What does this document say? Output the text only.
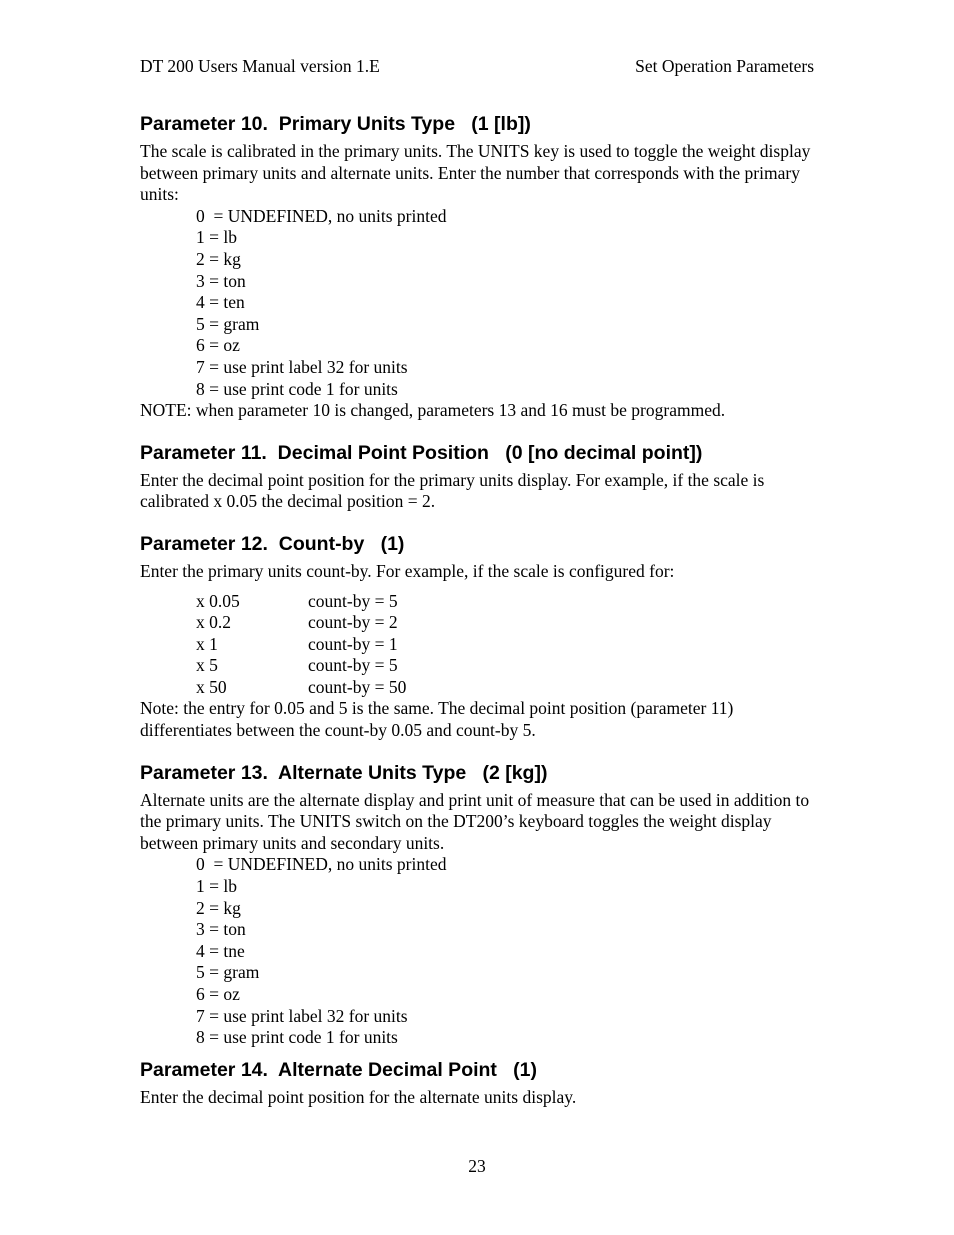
DT 200 Users Manual version 1.E	Set Operation Parameters
Parameter 10.  Primary Units Type   (1 [lb])

The scale is calibrated in the primary units. The UNITS key is used to toggle the weight display between primary units and alternate units. Enter the number that corresponds with the primary units:

0  = UNDEFINED, no units printed
1 = lb
2 = kg
3 = ton
4 = ten
5 = gram
6 = oz
7 = use print label 32 for units
8 = use print code 1 for units

NOTE: when parameter 10 is changed, parameters 13 and 16 must be programmed.

Parameter 11.  Decimal Point Position   (0 [no decimal point])

Enter the decimal point position for the primary units display. For example, if the scale is calibrated x 0.05 the decimal position = 2.

Parameter 12.  Count-by   (1)

Enter the primary units count-by. For example, if the scale is configured for:

x 0.05	count-by = 5
x 0.2	count-by = 2
x 1	count-by = 1
x 5	count-by = 5
x 50	count-by = 50

Note: the entry for 0.05 and 5 is the same. The decimal point position (parameter 11) differentiates between the count-by 0.05 and count-by 5.

Parameter 13.  Alternate Units Type   (2 [kg])

Alternate units are the alternate display and print unit of measure that can be used in addition to the primary units. The UNITS switch on the DT200’s keyboard toggles the weight display between primary units and secondary units.

0  = UNDEFINED, no units printed
1 = lb
2 = kg
3 = ton
4 = tne
5 = gram
6 = oz
7 = use print label 32 for units
8 = use print code 1 for units
Parameter 14.  Alternate Decimal Point   (1)

Enter the decimal point position for the alternate units display.

23
